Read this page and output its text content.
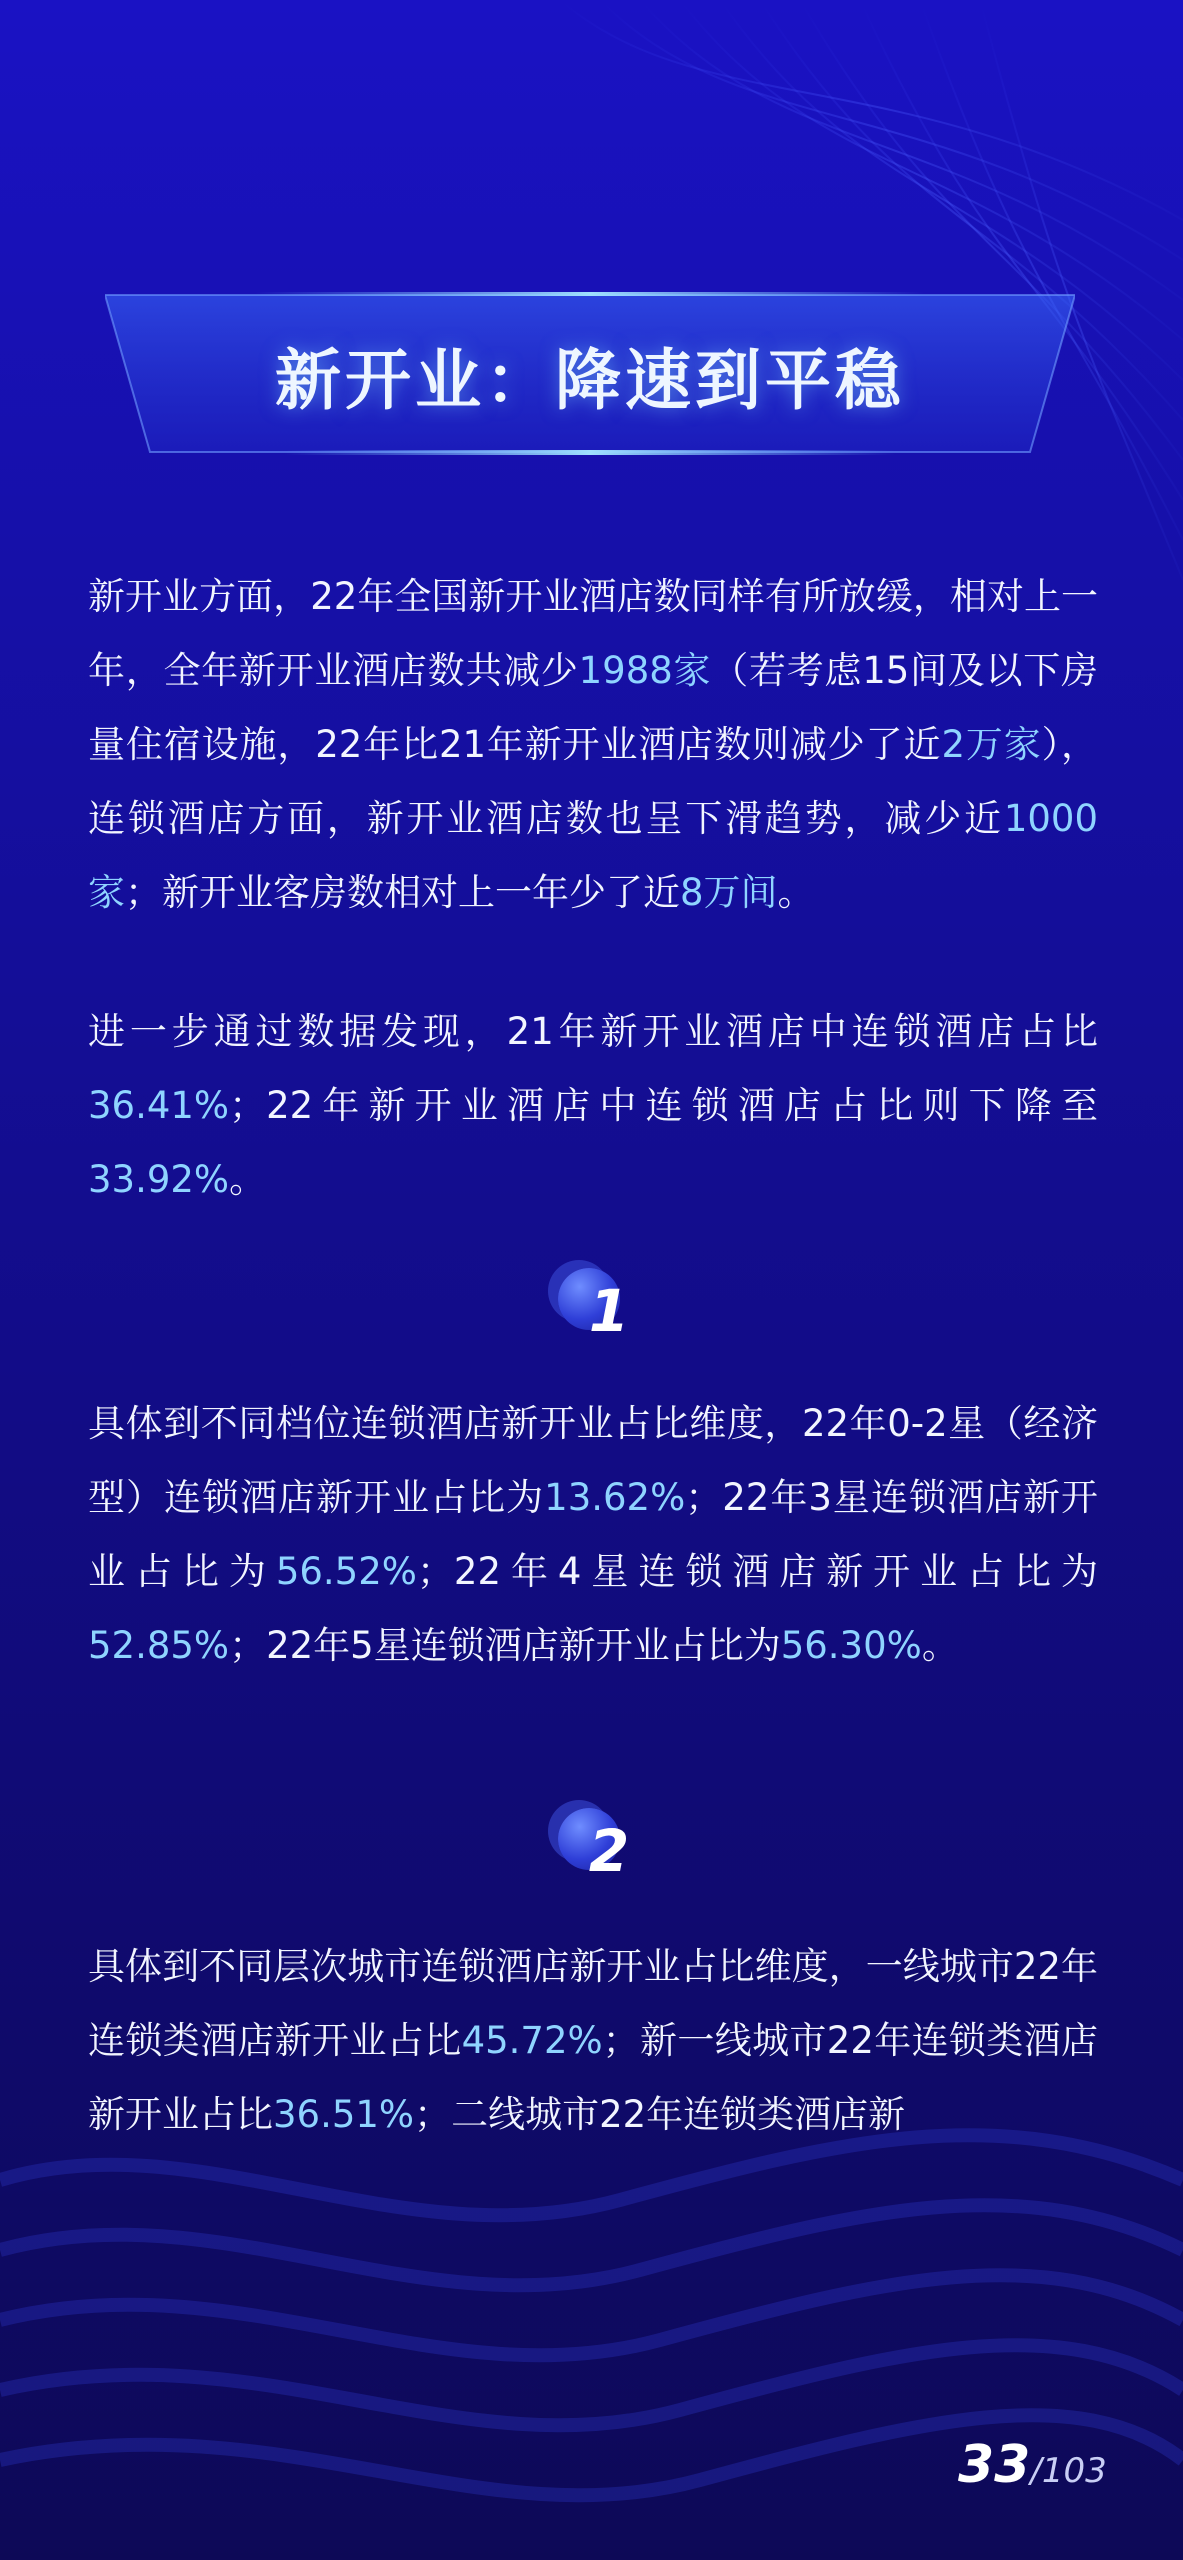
新开业：降速到平稳

新开业方面，22年全国新开业酒店数同样有所放缓，相对上一年，全年新开业酒店数共减少1988家（若考虑15间及以下房量住宿设施，22年比21年新开业酒店数则减少了近2万家），连锁酒店方面，新开业酒店数也呈下滑趋势，减少近1000家；新开业客房数相对上一年少了近8万间。

进一步通过数据发现，21年新开业酒店中连锁酒店占比36.41%；22年新开业酒店中连锁酒店占比则下降至33.92%。

1

具体到不同档位连锁酒店新开业占比维度，22年0-2星（经济型）连锁酒店新开业占比为13.62%；22年3星连锁酒店新开业占比为56.52%；22年4星连锁酒店新开业占比为52.85%；22年5星连锁酒店新开业占比为56.30%。

2

具体到不同层次城市连锁酒店新开业占比维度，一线城市22年连锁类酒店新开业占比45.72%；新一线城市22年连锁类酒店新开业占比36.51%；二线城市22年连锁类酒店新

33/103
